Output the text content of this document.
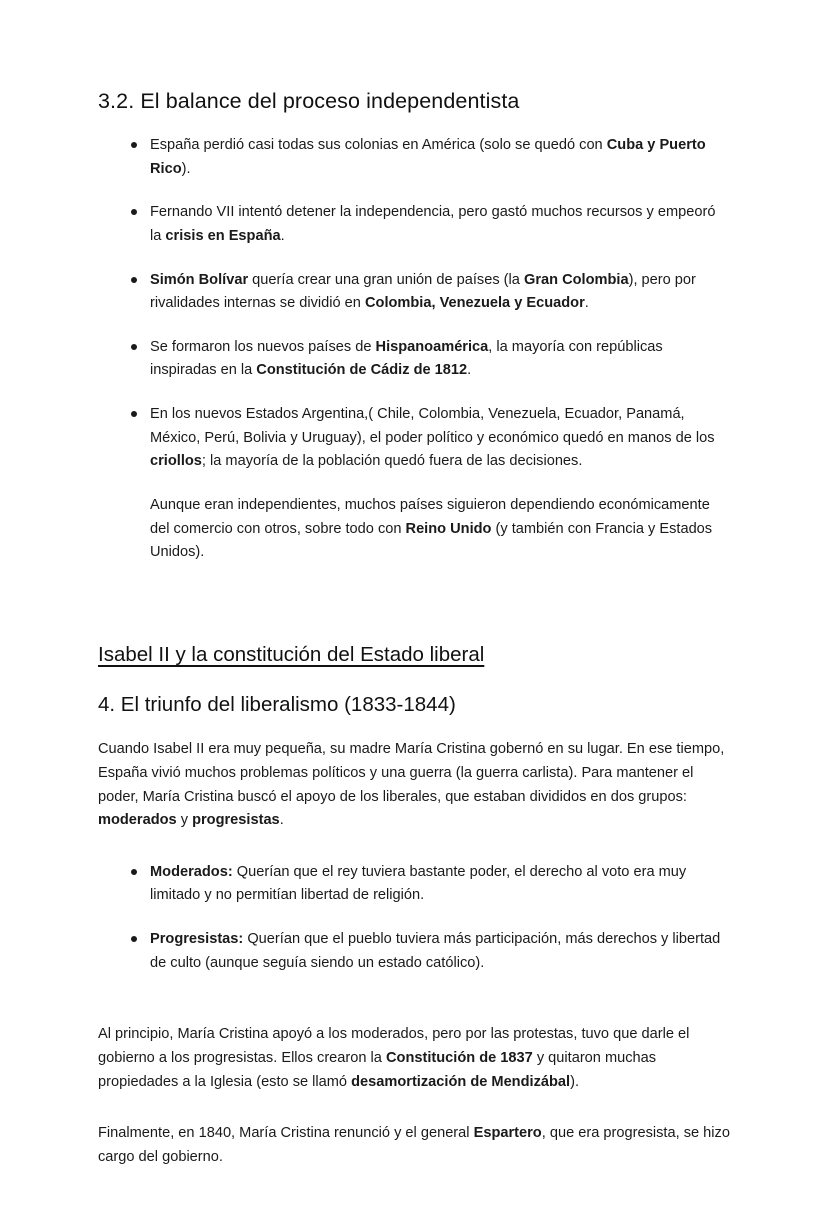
3.2. El balance del proceso independentista
España perdió casi todas sus colonias en América (solo se quedó con Cuba y Puerto Rico).
Fernando VII intentó detener la independencia, pero gastó muchos recursos y empeoró la crisis en España.
Simón Bolívar quería crear una gran unión de países (la Gran Colombia), pero por rivalidades internas se dividió en Colombia, Venezuela y Ecuador.
Se formaron los nuevos países de Hispanoamérica, la mayoría con repúblicas inspiradas en la Constitución de Cádiz de 1812.
En los nuevos Estados Argentina,( Chile, Colombia, Venezuela, Ecuador, Panamá, México, Perú, Bolivia y Uruguay), el poder político y económico quedó en manos de los criollos; la mayoría de la población quedó fuera de las decisiones.
Aunque eran independientes, muchos países siguieron dependiendo económicamente del comercio con otros, sobre todo con Reino Unido (y también con Francia y Estados Unidos).
Isabel II y la constitución del Estado liberal
4. El triunfo del liberalismo (1833-1844)

Cuando Isabel II era muy pequeña, su madre María Cristina gobernó en su lugar. En ese tiempo, España vivió muchos problemas políticos y una guerra (la guerra carlista). Para mantener el poder, María Cristina buscó el apoyo de los liberales, que estaban divididos en dos grupos: moderados y progresistas.

Moderados: Querían que el rey tuviera bastante poder, el derecho al voto era muy limitado y no permitían libertad de religión.
Progresistas: Querían que el pueblo tuviera más participación, más derechos y libertad de culto (aunque seguía siendo un estado católico).

Al principio, María Cristina apoyó a los moderados, pero por las protestas, tuvo que darle el gobierno a los progresistas. Ellos crearon la Constitución de 1837 y quitaron muchas propiedades a la Iglesia (esto se llamó desamortización de Mendizábal).

Finalmente, en 1840, María Cristina renunció y el general Espartero, que era progresista, se hizo cargo del gobierno.
